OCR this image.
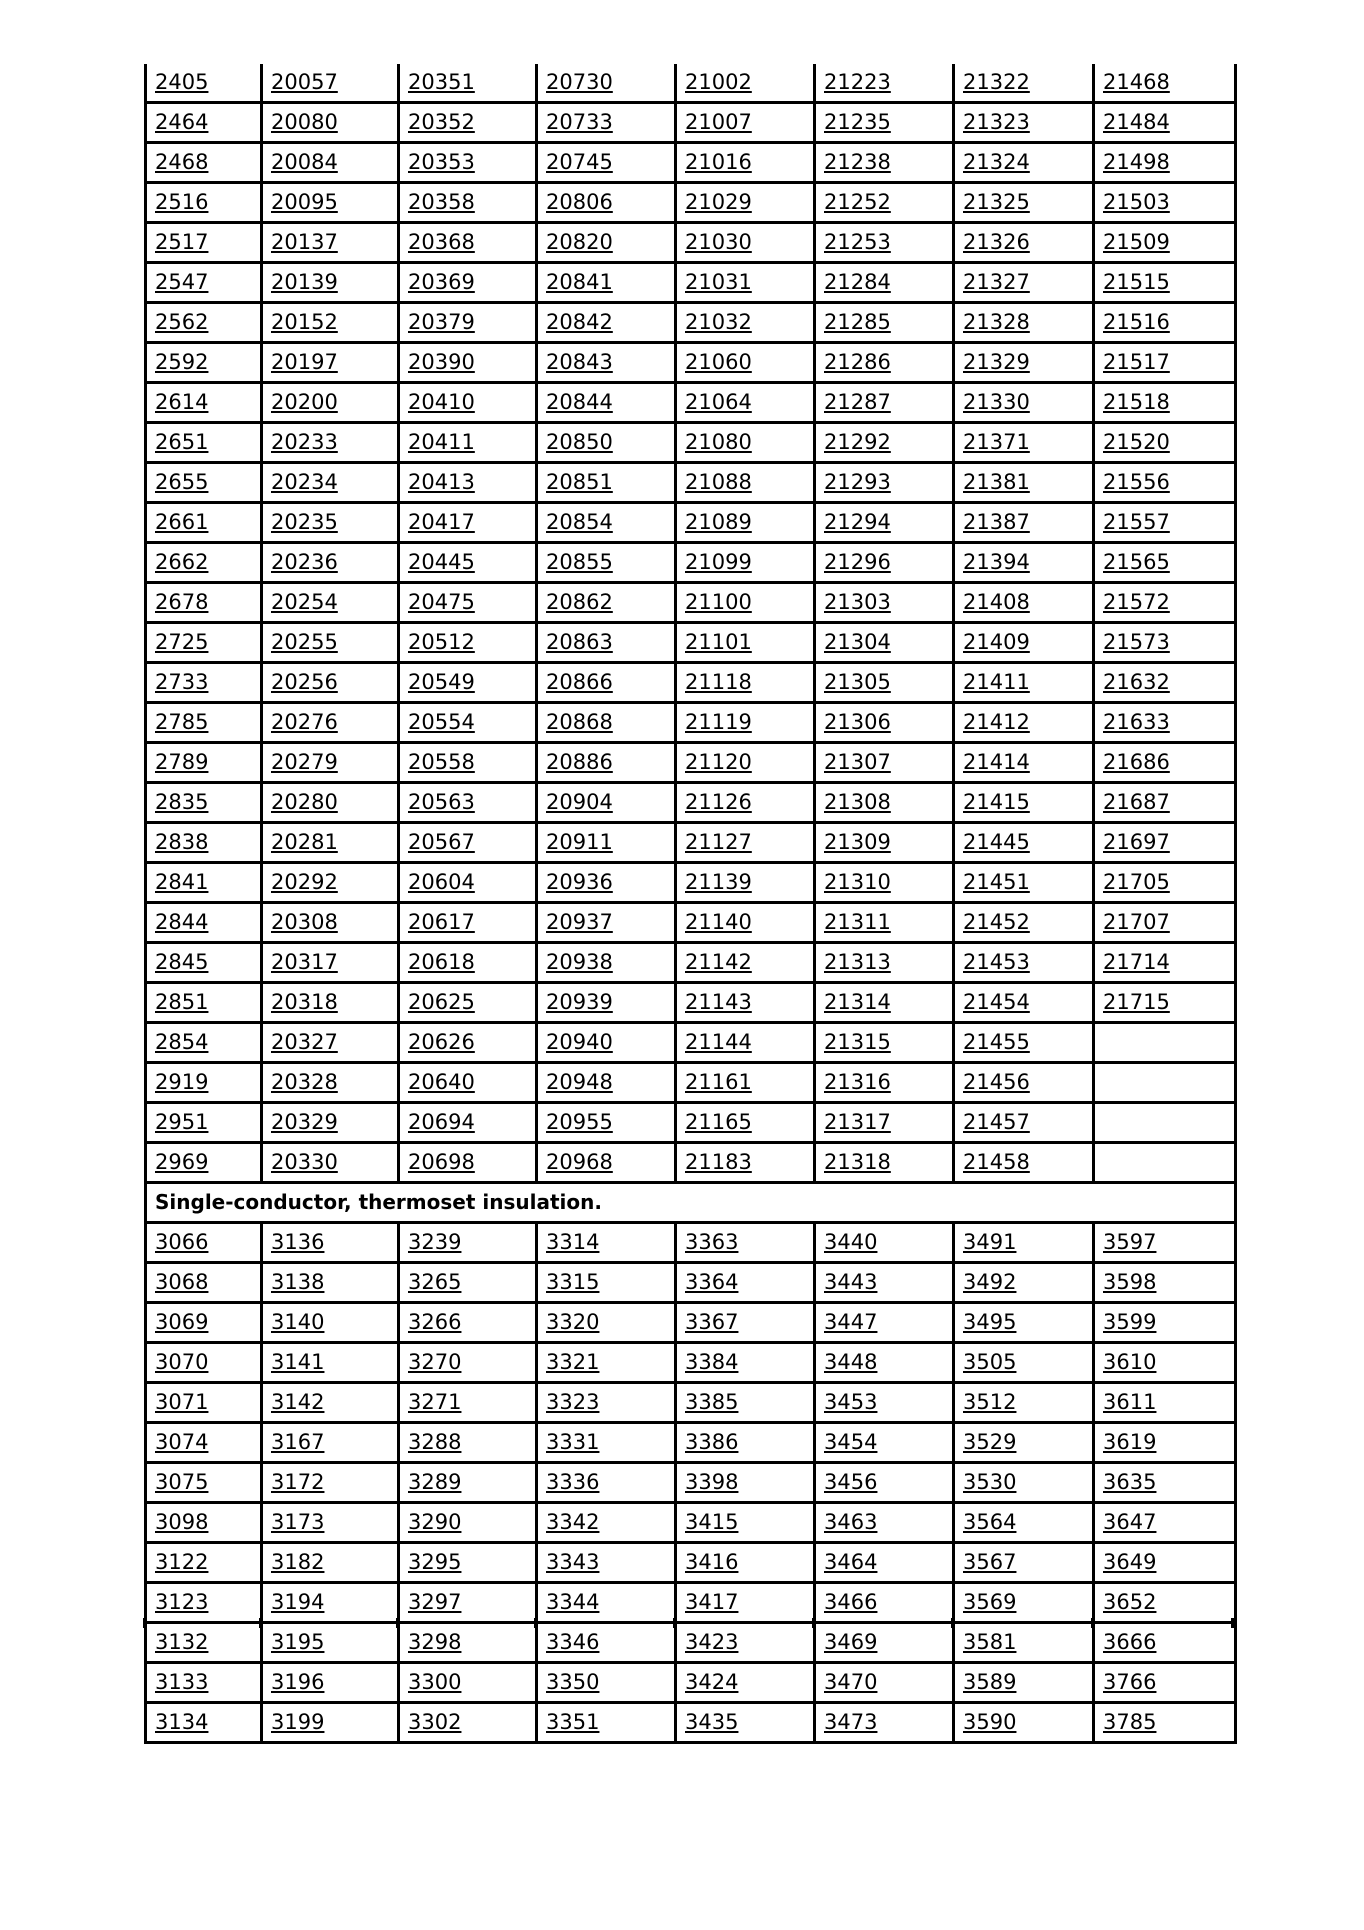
2405	20057	20351	20730	21002	21223	21322	21468
2464	20080	20352	20733	21007	21235	21323	21484
2468	20084	20353	20745	21016	21238	21324	21498
2516	20095	20358	20806	21029	21252	21325	21503
2517	20137	20368	20820	21030	21253	21326	21509
2547	20139	20369	20841	21031	21284	21327	21515
2562	20152	20379	20842	21032	21285	21328	21516
2592	20197	20390	20843	21060	21286	21329	21517
2614	20200	20410	20844	21064	21287	21330	21518
2651	20233	20411	20850	21080	21292	21371	21520
2655	20234	20413	20851	21088	21293	21381	21556
2661	20235	20417	20854	21089	21294	21387	21557
2662	20236	20445	20855	21099	21296	21394	21565
2678	20254	20475	20862	21100	21303	21408	21572
2725	20255	20512	20863	21101	21304	21409	21573
2733	20256	20549	20866	21118	21305	21411	21632
2785	20276	20554	20868	21119	21306	21412	21633
2789	20279	20558	20886	21120	21307	21414	21686
2835	20280	20563	20904	21126	21308	21415	21687
2838	20281	20567	20911	21127	21309	21445	21697
2841	20292	20604	20936	21139	21310	21451	21705
2844	20308	20617	20937	21140	21311	21452	21707
2845	20317	20618	20938	21142	21313	21453	21714
2851	20318	20625	20939	21143	21314	21454	21715
2854	20327	20626	20940	21144	21315	21455	
2919	20328	20640	20948	21161	21316	21456	
2951	20329	20694	20955	21165	21317	21457	
2969	20330	20698	20968	21183	21318	21458	
Single-conductor, thermoset insulation.							
3066	3136	3239	3314	3363	3440	3491	3597
3068	3138	3265	3315	3364	3443	3492	3598
3069	3140	3266	3320	3367	3447	3495	3599
3070	3141	3270	3321	3384	3448	3505	3610
3071	3142	3271	3323	3385	3453	3512	3611
3074	3167	3288	3331	3386	3454	3529	3619
3075	3172	3289	3336	3398	3456	3530	3635
3098	3173	3290	3342	3415	3463	3564	3647
3122	3182	3295	3343	3416	3464	3567	3649
3123	3194	3297	3344	3417	3466	3569	3652
3132	3195	3298	3346	3423	3469	3581	3666
3133	3196	3300	3350	3424	3470	3589	3766
3134	3199	3302	3351	3435	3473	3590	3785
